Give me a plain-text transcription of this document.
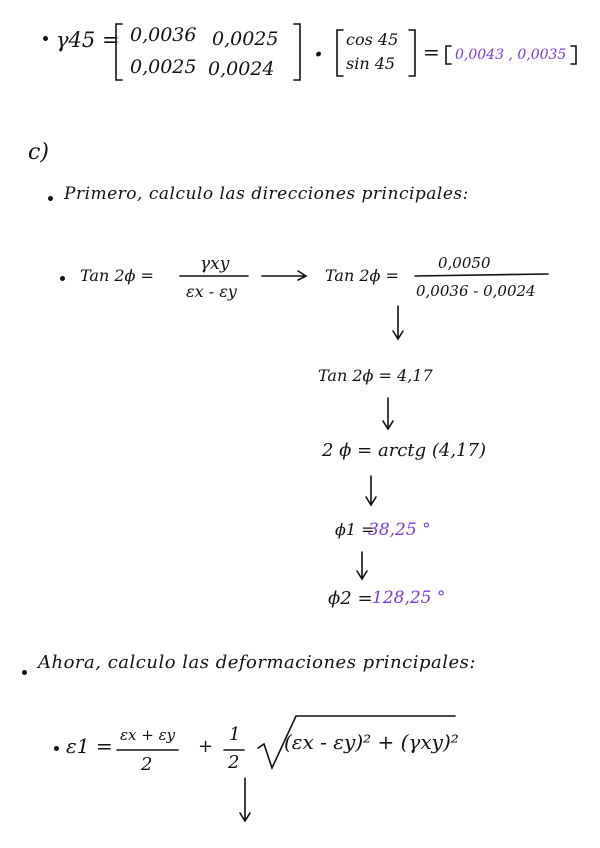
γ45 = 0,0036 0,0025
0,0025 0,0024 ·
cos 45
sin 45 = 0,0043 , 0,0035
c)
Primero, calculo las direcciones principales:
Tan 2ϕ =
γxy
εx - εy
Tan 2ϕ =
0,0050
0,0036 - 0,0024
Tan 2ϕ = 4,17
2 ϕ = arctg (4,17)
ϕ1 =
38,25 °
ϕ2 = 128,25 °
Ahora, calculo las deformaciones principales:
ε1 = εx + εy
2
+
1
2
(εx - εy)² + (γxy)²
